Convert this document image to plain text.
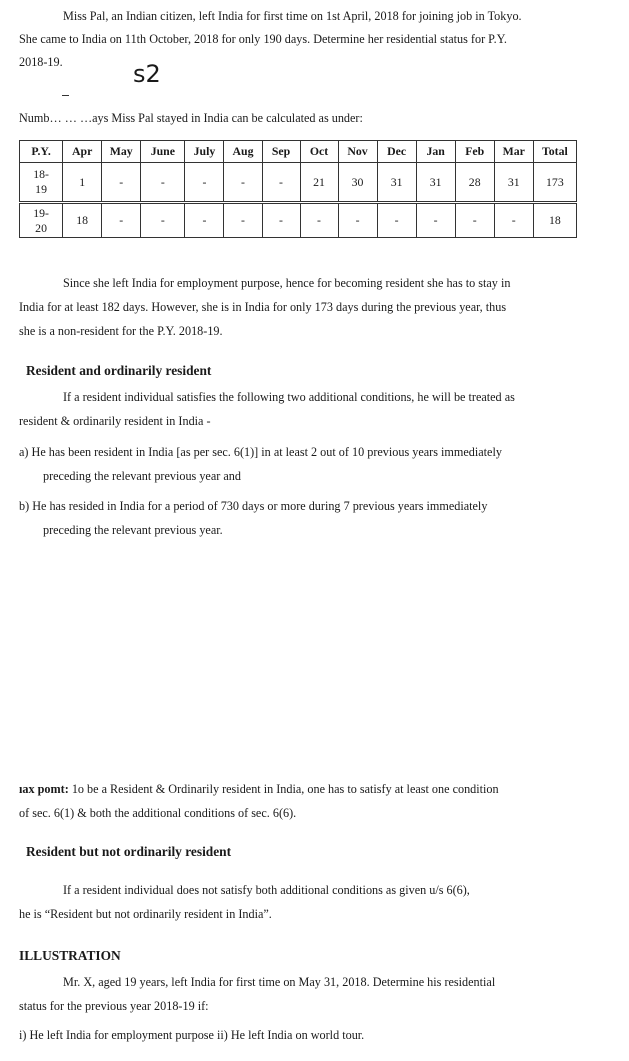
Miss Pal, an Indian citizen, left India for first time on 1st April, 2018 for joining job in Tokyo.
She came to India on 11th October, 2018 for only 190 days. Determine her residential status for P.Y.
2018-19.	s2
Numb… … …ays Miss Pal stayed in India can be calculated as under:
P.Y.	Apr	May	June	July	Aug	Sep	Oct	Nov	Dec	Jan	Feb	Mar	Total
18-
19	1	-	-	-	-	-	21	30	31	31	28	31	173
19-
20	18	-	-	-	-	-	-	-	-	-	-	-	18
Since she left India for employment purpose, hence for becoming resident she has to stay in
India for at least 182 days. However, she is in India for only 173 days during the previous year, thus
she is a non-resident for the P.Y. 2018-19.
Resident and ordinarily resident
If a resident individual satisfies the following two additional conditions, he will be treated as
resident & ordinarily resident in India -
a) He has been resident in India [as per sec. 6(1)] in at least 2 out of 10 previous years immediately
preceding the relevant previous year and
b) He has resided in India for a period of 730 days or more during 7 previous years immediately
preceding the relevant previous year.
ıax pomt: 1o be a Resident & Ordinarily resident in India, one has to satisfy at least one condition
of sec. 6(1) & both the additional conditions of sec. 6(6).
Resident but not ordinarily resident
If a resident individual does not satisfy both additional conditions as given u/s 6(6),
he is “Resident but not ordinarily resident in India”.
ILLUSTRATION
Mr. X, aged 19 years, left India for first time on May 31, 2018. Determine his residential
status for the previous year 2018-19 if:
i) He left India for employment purpose ii) He left India on world tour.
